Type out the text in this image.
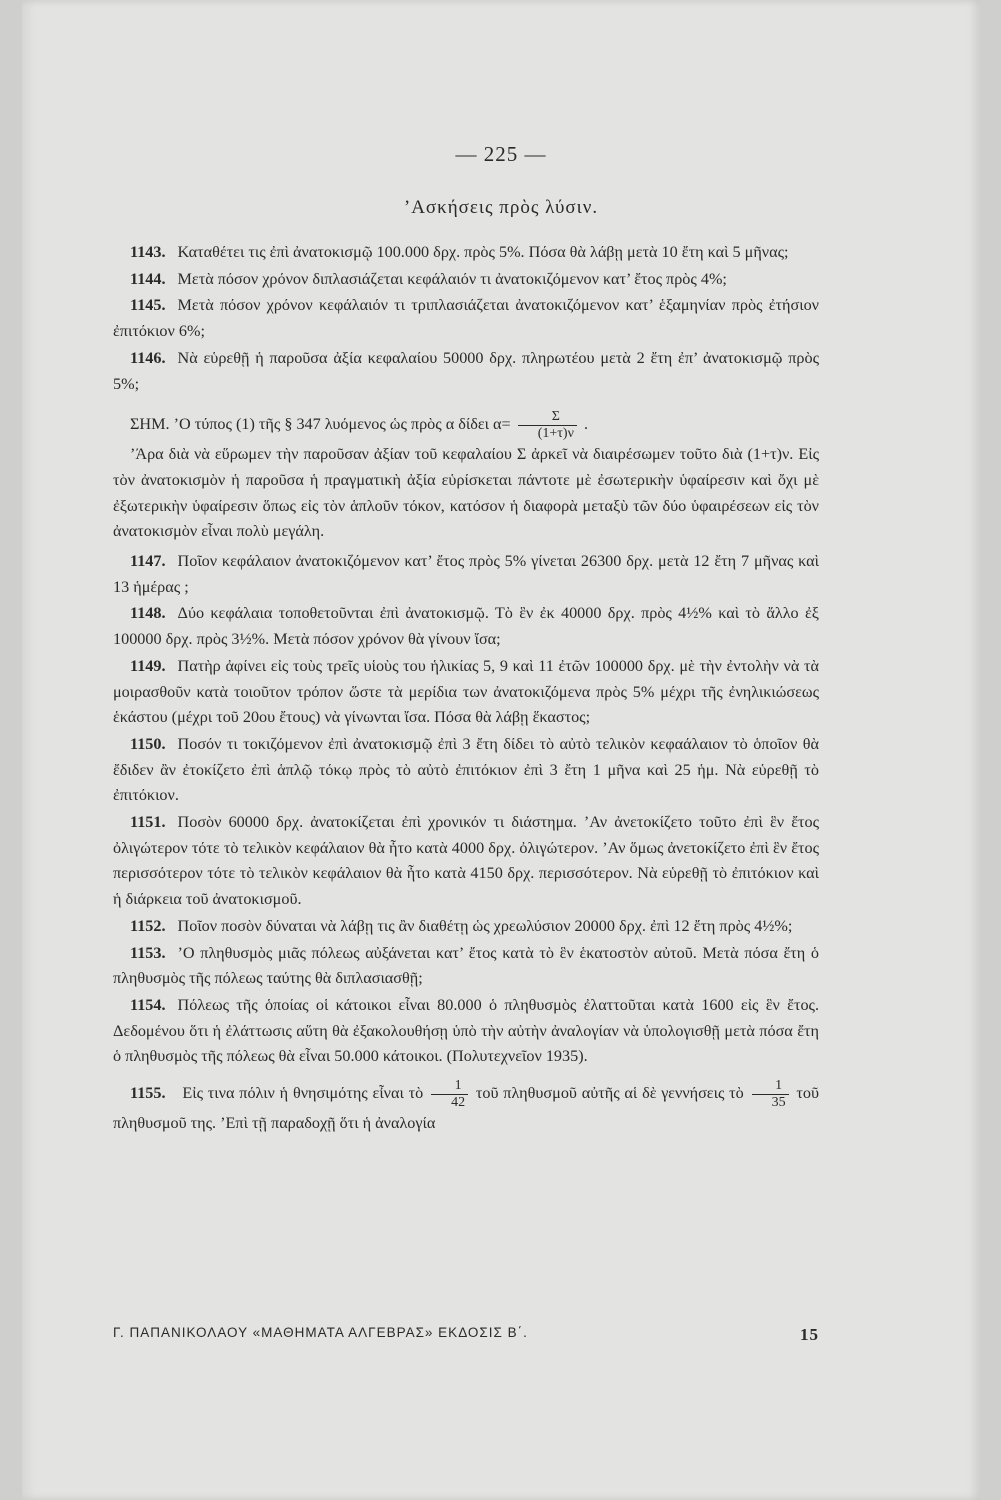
— 225 —
’Ασκήσεις πρὸς λύσιν.
1143. Καταθέτει τις ἐπὶ ἀνατοκισμῷ 100.000 δρχ. πρὸς 5%. Πόσα θὰ λάβῃ μετὰ 10 ἔτη καὶ 5 μῆνας;
1144. Μετὰ πόσον χρόνον διπλασιάζεται κεφάλαιόν τι ἀνατοκιζόμενον κατ’ ἔτος πρὸς 4%;
1145. Μετὰ πόσον χρόνον κεφάλαιόν τι τριπλασιάζεται ἀνατοκιζόμενον κατ’ ἑξαμηνίαν πρὸς ἐτήσιον ἐπιτόκιον 6%;
1146. Νὰ εὑρεθῇ ἡ παροῦσα ἀξία κεφαλαίου 50000 δρχ. πληρωτέου μετὰ 2 ἔτη ἐπ’ ἀνατοκισμῷ πρὸς 5%;
ΣΗΜ. ’Ο τύπος (1) τῆς § 347 λυόμενος ὡς πρὸς α δίδει $\alpha= \frac{\Sigma}{(1+\tau)\nu}$ .
’Άρα διὰ νὰ εὕρωμεν τὴν παροῦσαν ἀξίαν τοῦ κεφαλαίου Σ ἀρκεῖ νὰ διαιρέσωμεν τοῦτο διὰ (1+τ)ν. Εἰς τὸν ἀνατοκισμὸν ἡ παροῦσα ἡ πραγματικὴ ἀξία εὑρίσκεται πάντοτε μὲ ἐσωτερικὴν ὑφαίρεσιν καὶ ὄχι μὲ ἐξωτερικὴν ὑφαίρεσιν ὅπως εἰς τὸν ἁπλοῦν τόκον, κατόσον ἡ διαφορὰ μεταξὺ τῶν δύο ὑφαιρέσεων εἰς τὸν ἀνατοκισμὸν εἶναι πολὺ μεγάλη.
1147. Ποῖον κεφάλαιον ἀνατοκιζόμενον κατ’ ἔτος πρὸς 5% γίνεται 26300 δρχ. μετὰ 12 ἔτη 7 μῆνας καὶ 13 ἡμέρας ;
1148. Δύο κεφάλαια τοποθετοῦνται ἐπὶ ἀνατοκισμῷ. Τὸ ἓν ἐκ 40000 δρχ. πρὸς 4½% καὶ τὸ ἄλλο ἐξ 100000 δρχ. πρὸς 3½%. Μετὰ πόσον χρόνον θὰ γίνουν ἴσα;
1149. Πατὴρ ἀφίνει εἰς τοὺς τρεῖς υἱοὺς του ἡλικίας 5, 9 καὶ 11 ἐτῶν 100000 δρχ. μὲ τὴν ἐντολὴν νὰ τὰ μοιρασθοῦν κατὰ τοιοῦτον τρόπον ὥστε τὰ μερίδια των ἀνατοκιζόμενα πρὸς 5% μέχρι τῆς ἐνηλικιώσεως ἑκάστου (μέχρι τοῦ 20ου ἔτους) νὰ γίνωνται ἴσα. Πόσα θὰ λάβῃ ἕκαστος;
1150. Ποσόν τι τοκιζόμενον ἐπὶ ἀνατοκισμῷ ἐπὶ 3 ἔτη δίδει τὸ αὐτὸ τελικὸν κεφαάλαιον τὸ ὁποῖον θὰ ἔδιδεν ἂν ἐτοκίζετο ἐπὶ ἁπλῷ τόκῳ πρὸς τὸ αὐτὸ ἐπιτόκιον ἐπὶ 3 ἔτη 1 μῆνα καὶ 25 ἡμ. Νὰ εὑρεθῇ τὸ ἐπιτόκιον.
1151. Ποσὸν 60000 δρχ. ἀνατοκίζεται ἐπὶ χρονικόν τι διάστημα. ’Αν ἀνετοκίζετο τοῦτο ἐπὶ ἓν ἔτος ὀλιγώτερον τότε τὸ τελικὸν κεφάλαιον θὰ ἦτο κατὰ 4000 δρχ. ὀλιγώτερον. ’Αν ὅμως ἀνετοκίζετο ἐπὶ ἓν ἔτος περισσότερον τότε τὸ τελικὸν κεφάλαιον θὰ ἦτο κατὰ 4150 δρχ. περισσότερον. Νὰ εὑρεθῇ τὸ ἐπιτόκιον καὶ ἡ διάρκεια τοῦ ἀνατοκισμοῦ.
1152. Ποῖον ποσὸν δύναται νὰ λάβῃ τις ἂν διαθέτῃ ὡς χρεωλύσιον 20000 δρχ. ἐπὶ 12 ἔτη πρὸς 4½%;
1153. ’Ο πληθυσμὸς μιᾶς πόλεως αὐξάνεται κατ’ ἔτος κατὰ τὸ ἓν ἑκατοστὸν αὐτοῦ. Μετὰ πόσα ἔτη ὁ πληθυσμὸς τῆς πόλεως ταύτης θὰ διπλασιασθῇ;
1154. Πόλεως τῆς ὁποίας οἱ κάτοικοι εἶναι 80.000 ὁ πληθυσμὸς ἐλαττοῦται κατὰ 1600 εἰς ἓν ἔτος. Δεδομένου ὅτι ἡ ἐλάττωσις αὕτη θὰ ἐξακολουθήσῃ ὑπὸ τὴν αὐτὴν ἀναλογίαν νὰ ὑπολογισθῇ μετὰ πόσα ἔτη ὁ πληθυσμὸς τῆς πόλεως θὰ εἶναι 50.000 κάτοικοι. (Πολυτεχνεῖον 1935).
1155. Εἰς τινα πόλιν ἡ θνησιμότης εἶναι τὸ $\frac{1}{42}$ τοῦ πληθυσμοῦ αὐτῆς αἱ δὲ γεννήσεις τὸ $\frac{1}{35}$ τοῦ πληθυσμοῦ της. ’Επὶ τῇ παραδοχῇ ὅτι ἡ ἀναλογία
Γ. ΠΑΠΑΝΙΚΟΛΑΟΥ «ΜΑΘΗΜΑΤΑ ΑΛΓΕΒΡΑΣ» ΕΚΔΟΣΙΣ Β΄.	15
